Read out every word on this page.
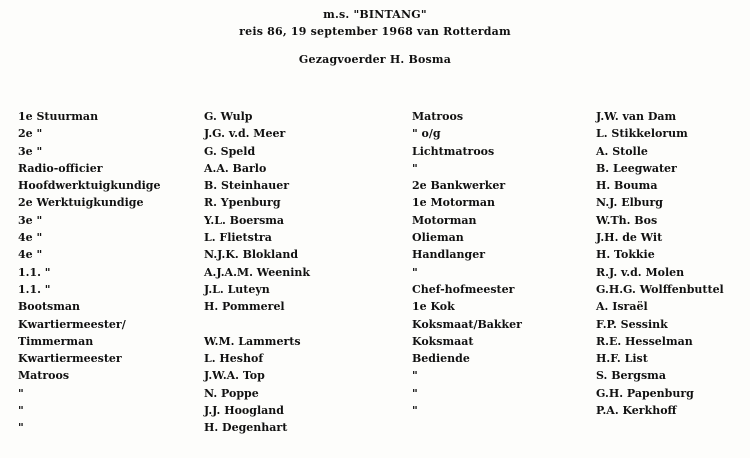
m.s. "BINTANG"
reis 86, 19 september 1968 van Rotterdam
Gezagvoerder H. Bosma
1e Stuurman
2e "
3e "
Radio-officier
Hoofdwerktuigkundige
2e Werktuigkundige
3e "
4e "
4e "
1.1. "
1.1. "
Bootsman
Kwartiermeester/
Timmerman
Kwartiermeester
Matroos
"
"
"
G. Wulp
J.G. v.d. Meer
G. Speld
A.A. Barlo
B. Steinhauer
R. Ypenburg
Y.L. Boersma
L. Flietstra
N.J.K. Blokland
A.J.A.M. Weenink
J.L. Luteyn
H. Pommerel
W.M. Lammerts
L. Heshof
J.W.A. Top
N. Poppe
J.J. Hoogland
H. Degenhart
Matroos
" o/g
Lichtmatroos
"
2e Bankwerker
1e Motorman
Motorman
Olieman
Handlanger
"
Chef-hofmeester
1e Kok
Koksmaat/Bakker
Koksmaat
Bediende
"
"
"
J.W. van Dam
L. Stikkelorum
A. Stolle
B. Leegwater
H. Bouma
N.J. Elburg
W.Th. Bos
J.H. de Wit
H. Tokkie
R.J. v.d. Molen
G.H.G. Wolffenbuttel
A. Israël
F.P. Sessink
R.E. Hesselman
H.F. List
S. Bergsma
G.H. Papenburg
P.A. Kerkhoff
